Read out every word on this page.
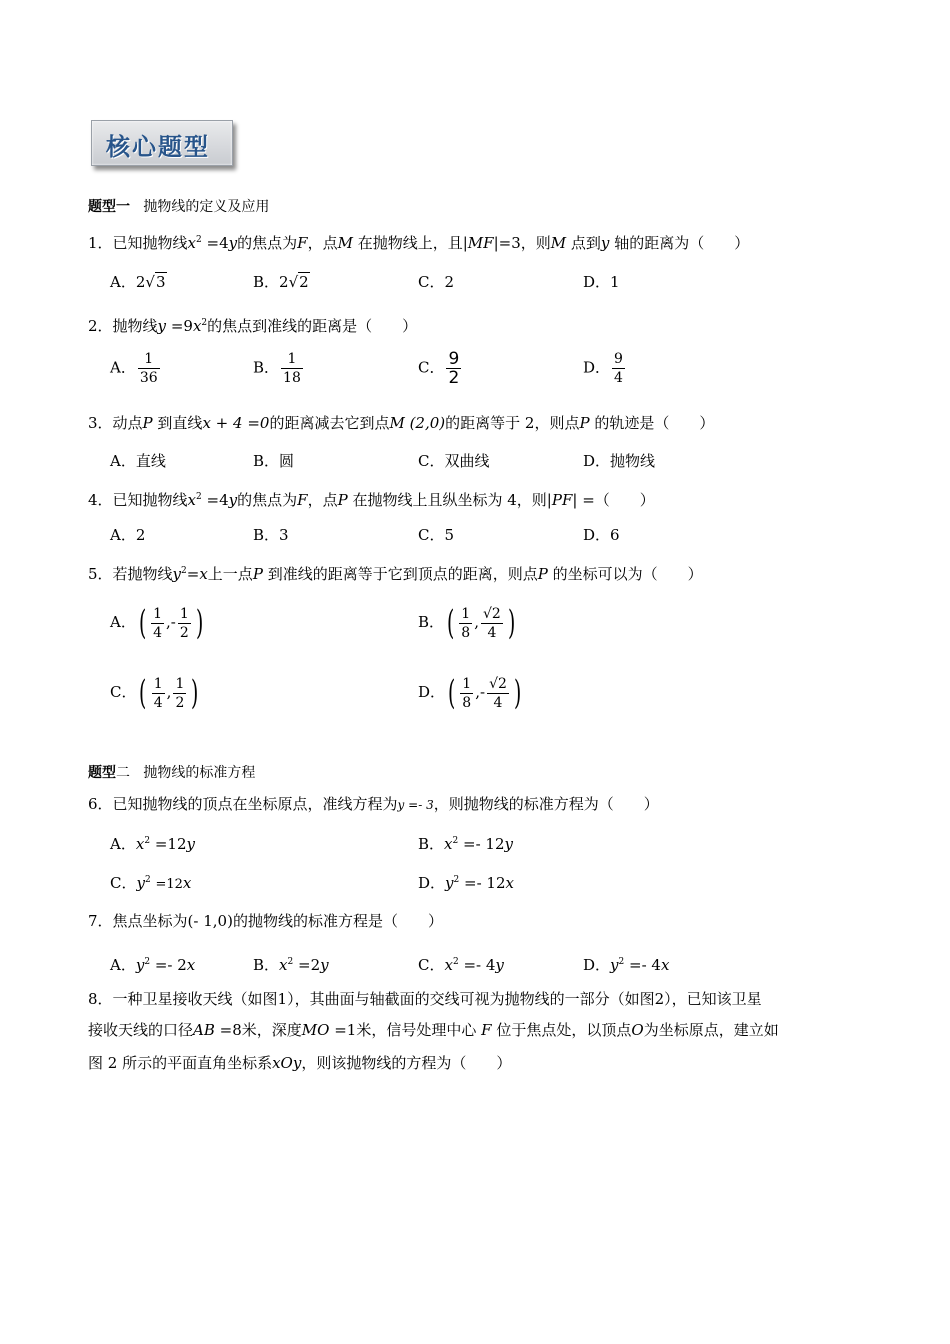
核心题型
题型一 抛物线的定义及应用
1．已知抛物线$x^2 =4y$的焦点为F，点M 在抛物线上，且|MF|=3，则M 点到y 轴的距离为（　　）
A．2√3	B．2√2	C．2	D．1
2．抛物线$y =9x^2$的焦点到准线的距离是（　　）
A． $\frac{1}{36}$	B． $\frac{1}{18}$	C． $\frac{9}{2}$	D． $\frac{9}{4}$
3．动点P 到直线x + 4 =0的距离减去它到点M (2,0)的距离等于 2，则点P 的轨迹是（　　）
A．直线	B．圆	C．双曲线	D．抛物线
4．已知抛物线$x^2 =4y$的焦点为F，点P 在抛物线上且纵坐标为 4，则|PF| =（　　）
A．2	B．3	C．5	D．6
5．若抛物线$y^2=x$上一点P 到准线的距离等于它到顶点的距离，则点P 的坐标可以为（　　）
A．( $\frac{1}{4}$ ,- $\frac{1}{2}$ )	B．( $\frac{1}{8}$ , $\frac{√2}{4}$ )
C．( $\frac{1}{4}$ , $\frac{1}{2}$ )	D．( $\frac{1}{8}$ ,- $\frac{√2}{4}$ )
题型二 抛物线的标准方程
6．已知抛物线的顶点在坐标原点，准线方程为y =- 3，则抛物线的标准方程为（　　）
A．$x^2 =12y$	B．$x^2 =- 12y$
C．$y^2 =12x$	D．$y^2 =- 12x$
7．焦点坐标为(- 1,0)的抛物线的标准方程是（　　）
A．$y^2 =- 2x$	B．$x^2 =2y$	C．$x^2 =- 4y$	D．$y^2 =- 4x$
8．一种卫星接收天线（如图1），其曲面与轴截面的交线可视为抛物线的一部分（如图2），已知该卫星
接收天线的口径AB =8米，深度MO =1米，信号处理中心 F 位于焦点处，以顶点O为坐标原点，建立如
图 2 所示的平面直角坐标系xOy，则该抛物线的方程为（　　）
